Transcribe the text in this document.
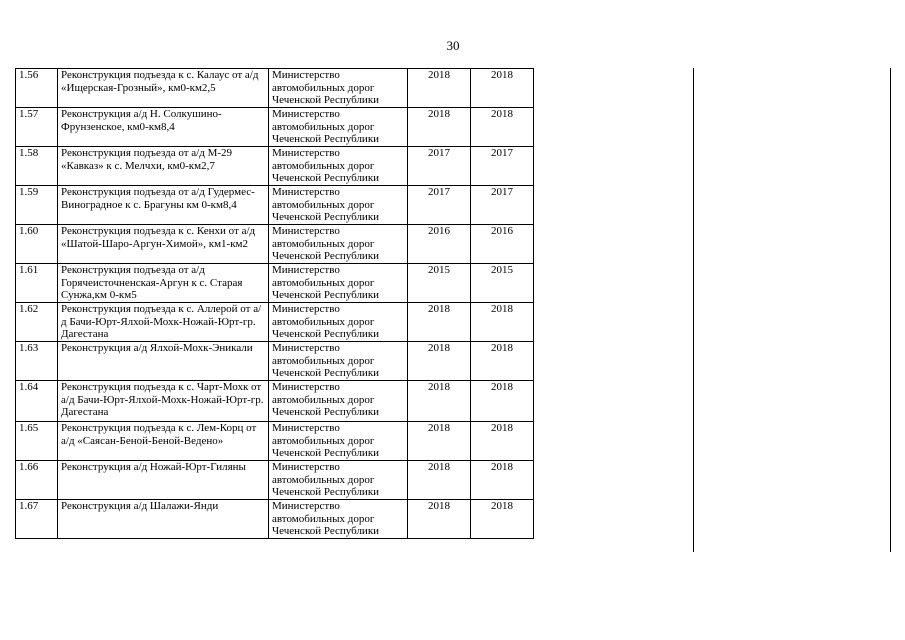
30
1.56	Реконструкция подъезда к с. Калаус от а/д «Ищерская-Грозный», км0-км2,5	Министерство автомобильных дорог Чеченской Республики	2018	2018
1.57	Реконструкция а/д Н. Солкушино-Фрунзенское, км0-км8,4	Министерство автомобильных дорог Чеченской Республики	2018	2018
1.58	Реконструкция подъезда от а/д М-29 «Кавказ» к с. Мелчхи, км0-км2,7	Министерство автомобильных дорог Чеченской Республики	2017	2017
1.59	Реконструкция подъезда от а/д Гудермес-Виноградное к с. Брагуны км 0-км8,4	Министерство автомобильных дорог Чеченской Республики	2017	2017
1.60	Реконструкция подъезда к с. Кенхи от а/д «Шатой-Шаро-Аргун-Химой», км1-км2	Министерство автомобильных дорог Чеченской Республики	2016	2016
1.61	Реконструкция подъезда от а/д Горячеисточненская-Аргун к с. Старая Сунжа,км 0-км5	Министерство автомобильных дорог Чеченской Республики	2015	2015
1.62	Реконструкция подъезда к с. Аллерой от а/д Бачи-Юрт-Ялхой-Мохк-Ножай-Юрт-гр. Дагестана	Министерство автомобильных дорог Чеченской Республики	2018	2018
1.63	Реконструкция а/д Ялхой-Мохк-Эникали	Министерство автомобильных дорог Чеченской Республики	2018	2018
1.64	Реконструкция подъезда к с. Чарт-Мохк от а/д Бачи-Юрт-Ялхой-Мохк-Ножай-Юрт-гр. Дагестана	Министерство автомобильных дорог Чеченской Республики	2018	2018
1.65	Реконструкция подъезда к с. Лем-Корц от а/д «Саясан-Беной-Беной-Ведено»	Министерство автомобильных дорог Чеченской Республики	2018	2018
1.66	Реконструкция а/д Ножай-Юрт-Гиляны	Министерство автомобильных дорог Чеченской Республики	2018	2018
1.67	Реконструкция а/д Шалажи-Янди	Министерство автомобильных дорог Чеченской Республики	2018	2018
